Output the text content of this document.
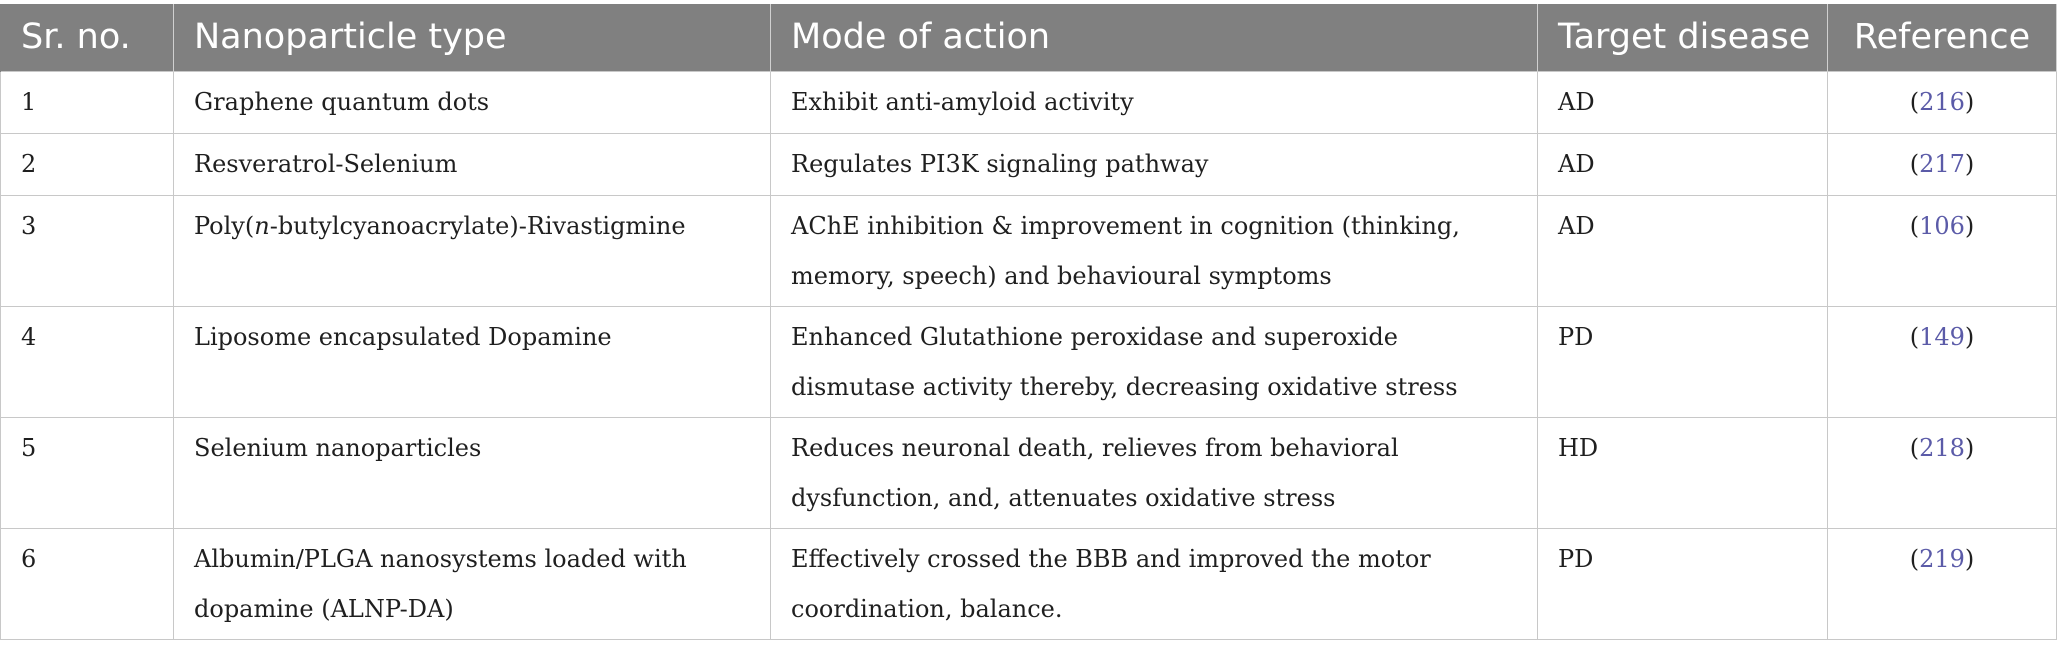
Sr. no.	Nanoparticle type	Mode of action	Target disease	Reference
1	Graphene quantum dots	Exhibit anti-amyloid activity	AD	(216)
2	Resveratrol-Selenium	Regulates PI3K signaling pathway	AD	(217)
3	Poly(n-butylcyanoacrylate)-Rivastigmine	AChE inhibition & improvement in cognition (thinking, memory, speech) and behavioural symptoms	AD	(106)
4	Liposome encapsulated Dopamine	Enhanced Glutathione peroxidase and superoxide dismutase activity thereby, decreasing oxidative stress	PD	(149)
5	Selenium nanoparticles	Reduces neuronal death, relieves from behavioral dysfunction, and, attenuates oxidative stress	HD	(218)
6	Albumin/PLGA nanosystems loaded with dopamine (ALNP-DA)	Effectively crossed the BBB and improved the motor coordination, balance.	PD	(219)
